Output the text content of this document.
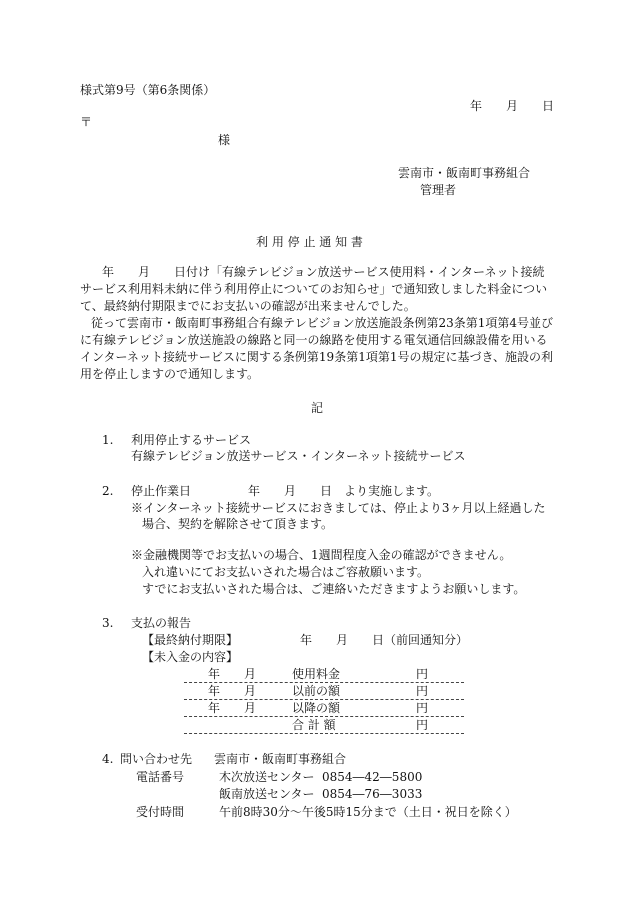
様式第9号（第6条関係）
年　　月　　日
〒
様
雲南市・飯南町事務組合
管理者
利 用 停 止 通 知 書

年　　月　　日付け「有線テレビジョン放送サービス使用料・インターネット接続サービス利用料未納に伴う利用停止についてのお知らせ」で通知致しました料金について、最終納付期限までにお支払いの確認が出来ませんでした。

従って雲南市・飯南町事務組合有線テレビジョン放送施設条例第23条第1項第4号並びに有線テレビジョン放送施設の線路と同一の線路を使用する電気通信回線設備を用いるインターネット接続サービスに関する条例第19条第1項第1号の規定に基づき、施設の利用を停止しますので通知します。

記
1. 利用停止するサービス
有線テレビジョン放送サービス・インターネット接続サービス
2. 停止作業日	年　　月　　日　より実施します。
※インターネット接続サービスにおきましては、停止より3ヶ月以上経過した
場合、契約を解除させて頂きます。
※金融機関等でお支払いの場合、1週間程度入金の確認ができません。
入れ違いにてお支払いされた場合はご容赦願います。
すでにお支払いされた場合は、ご連絡いただきますようお願いします。
3. 支払の報告
【最終納付期限】	年　　月　　日（前回通知分）
【未入金の内容】
年　　月	使用料金	円
年　　月	以前の額	円
年　　月	以降の額	円
合 計 額	円
4. 問い合わせ先 雲南市・飯南町事務組合
電話番号	木次放送センター 0854―42―5800
飯南放送センター 0854―76―3033
受付時間	午前8時30分～午後5時15分まで（土日・祝日を除く）
